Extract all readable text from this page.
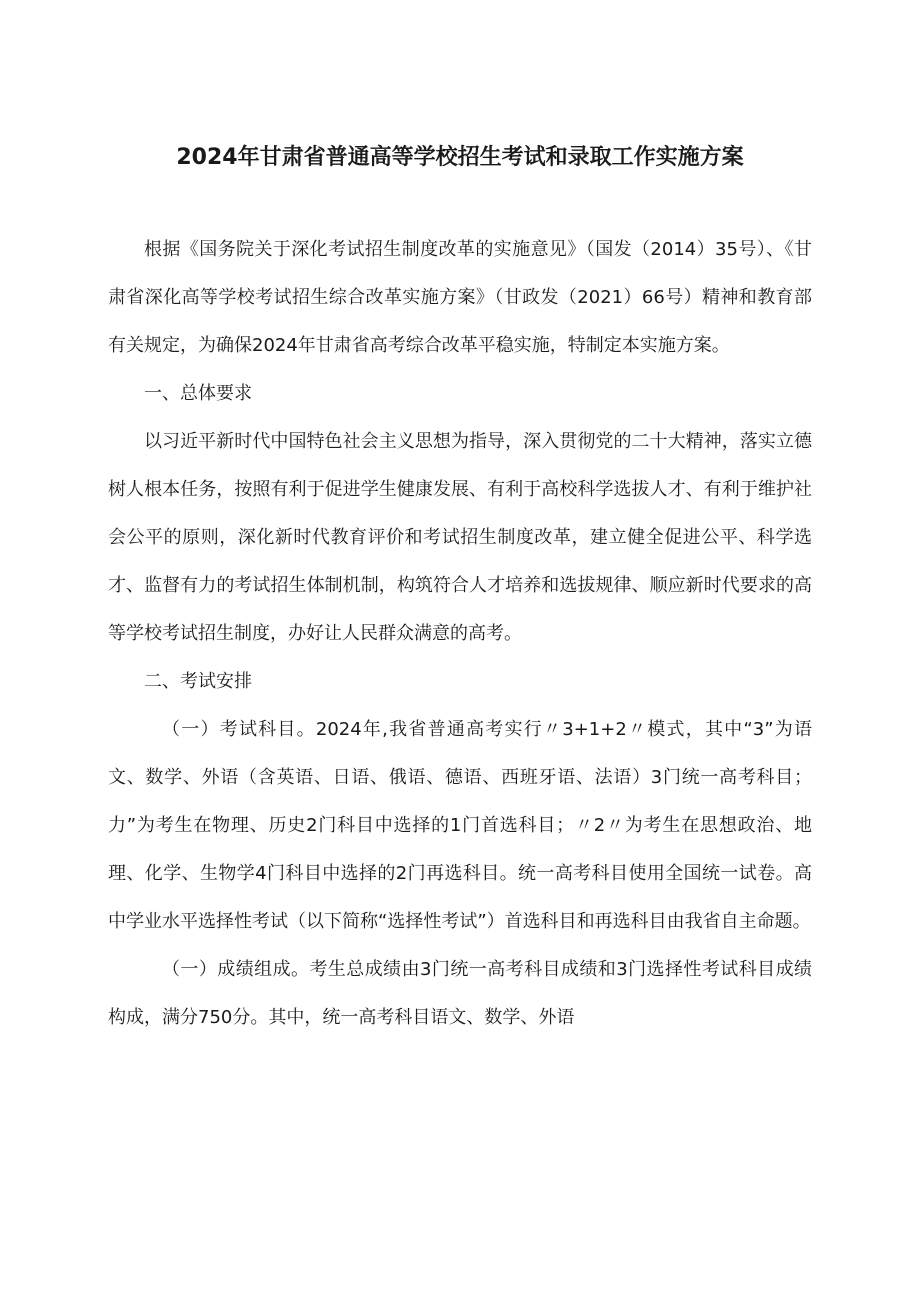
2024年甘肃省普通高等学校招生考试和录取工作实施方案

根据《国务院关于深化考试招生制度改革的实施意见》（国发（2014）35号）、《甘肃省深化高等学校考试招生综合改革实施方案》（甘政发（2021）66号）精神和教育部有关规定，为确保2024年甘肃省高考综合改革平稳实施，特制定本实施方案。

一、总体要求

以习近平新时代中国特色社会主义思想为指导，深入贯彻党的二十大精神，落实立德树人根本任务，按照有利于促进学生健康发展、有利于高校科学选拔人才、有利于维护社会公平的原则，深化新时代教育评价和考试招生制度改革，建立健全促进公平、科学选才、监督有力的考试招生体制机制，构筑符合人才培养和选拔规律、顺应新时代要求的高等学校考试招生制度，办好让人民群众满意的高考。

二、考试安排

（一）考试科目。2024年,我省普通高考实行〃3+1+2〃模式，其中“3”为语文、数学、外语（含英语、日语、俄语、德语、西班牙语、法语）3门统一高考科目；力”为考生在物理、历史2门科目中选择的1门首选科目；〃2〃为考生在思想政治、地理、化学、生物学4门科目中选择的2门再选科目。统一高考科目使用全国统一试卷。高中学业水平选择性考试（以下简称“选择性考试”）首选科目和再选科目由我省自主命题。

（一）成绩组成。考生总成绩由3门统一高考科目成绩和3门选择性考试科目成绩构成，满分750分。其中，统一高考科目语文、数学、外语
